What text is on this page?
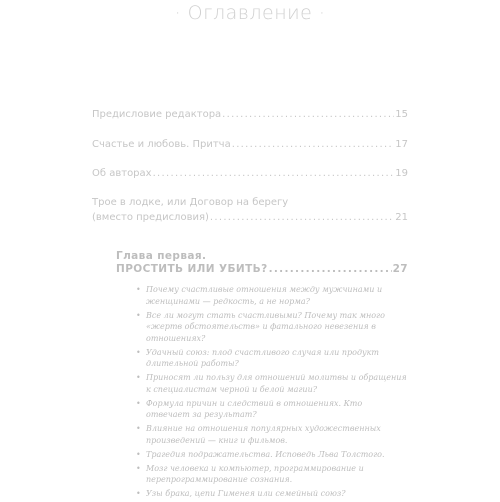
· Оглавление ·
Предисловие редактора .....	15
Счастье и любовь. Притча .....	17
Об авторах .....	19
Трое в лодке, или Договор на берегу
(вместо предисловия) .....	21
Глава первая.
ПРОСТИТЬ ИЛИ УБИТЬ? .....	27
• Почему счастливые отношения между мужчинами и женщинами — редкость, а не норма?
• Все ли могут стать счастливыми? Почему так много «жертв обстоятельств» и фатального невезения в отношениях?
• Удачный союз: плод счастливого случая или продукт длительной работы?
• Приносят ли пользу для отношений молитвы и обращения к специалистам черной и белой магии?
• Формула причин и следствий в отношениях. Кто отвечает за результат?
• Влияние на отношения популярных художественных произведений — книг и фильмов.
• Трагедия подражательства. Исповедь Льва Толстого.
• Мозг человека и компьютер, программирование и перепрограммирование сознания.
• Узы брака, цепи Гименея или семейный союз?
